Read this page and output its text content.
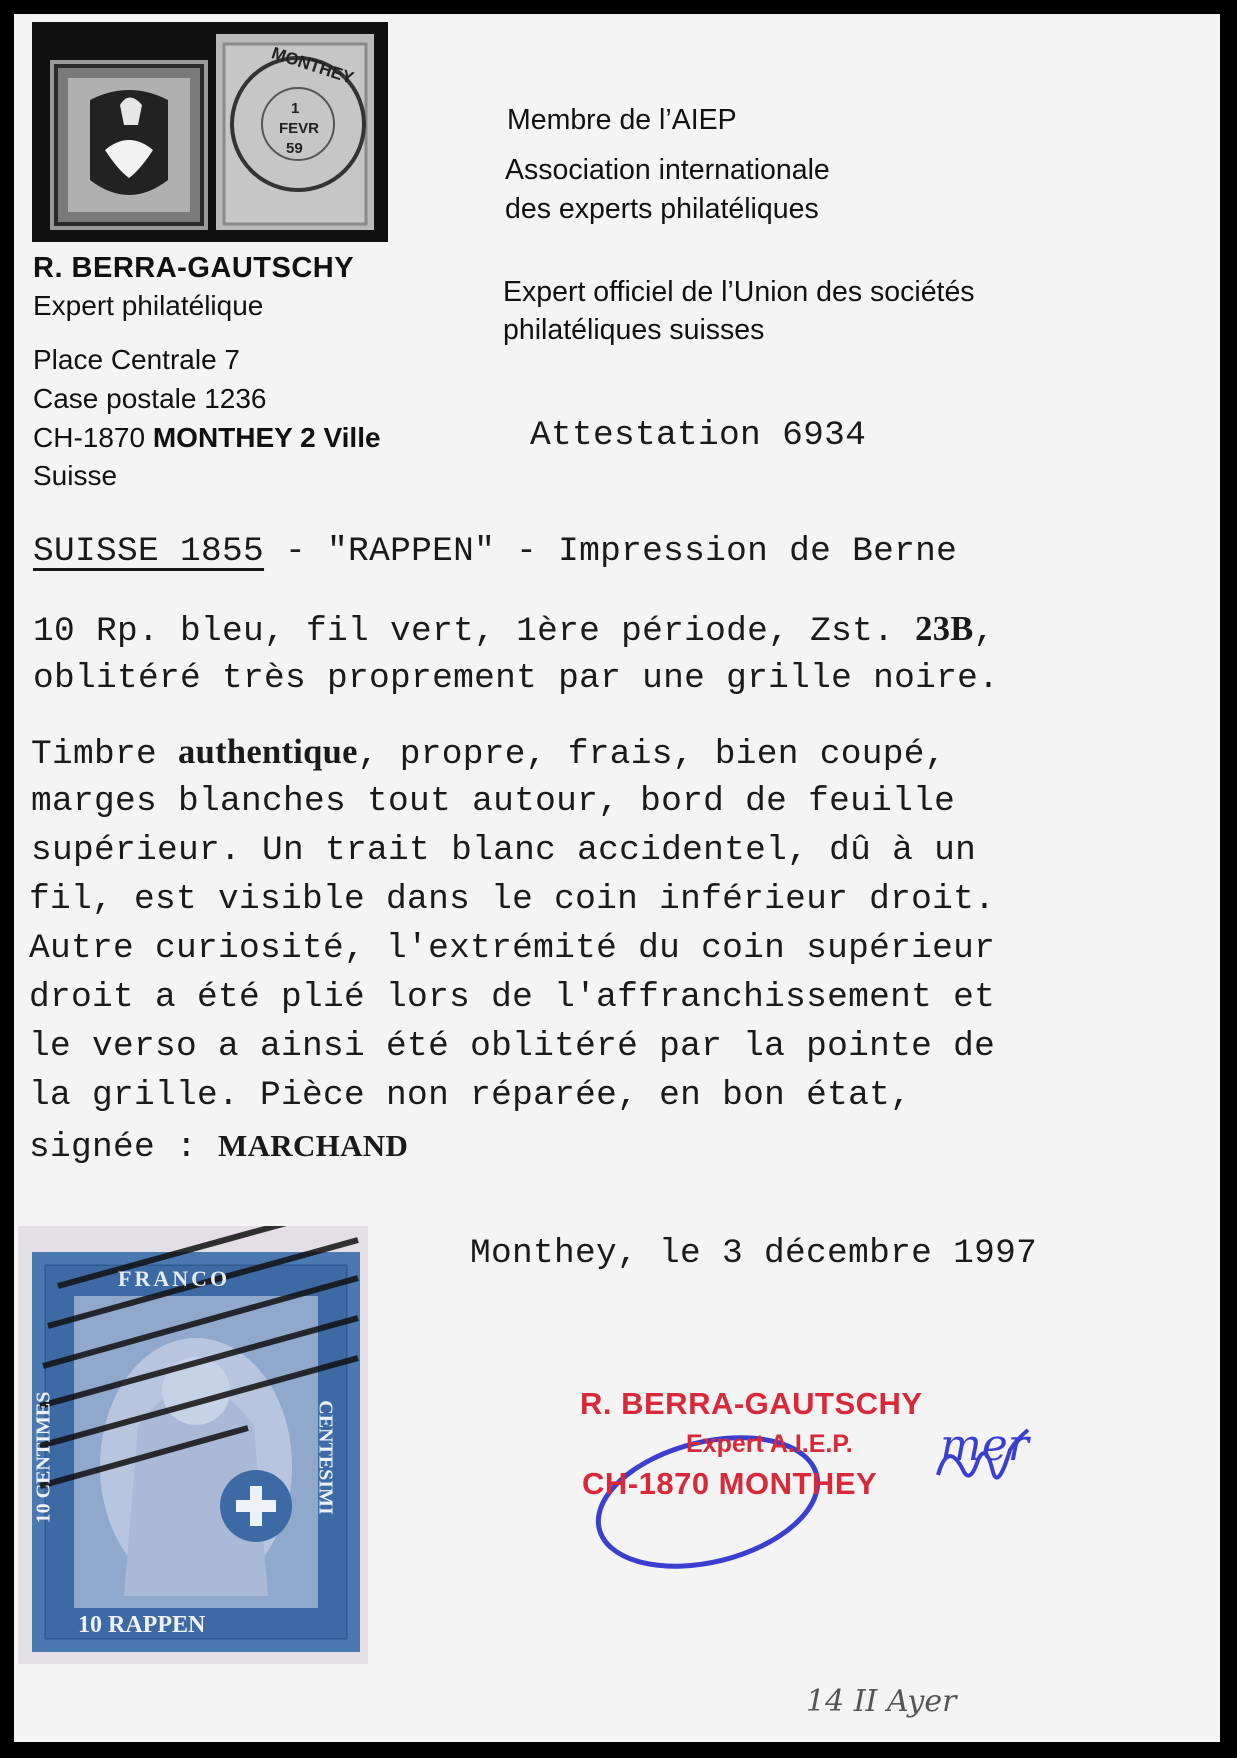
MONTHEY
1
FEVR
59
R. BERRA-GAUTSCHY
Expert philatélique
Place Centrale 7
Case postale 1236
CH-1870 MONTHEY 2 Ville
Suisse
Membre de l’AIEP
Association internationale
des experts philatéliques
Expert officiel de l’Union des sociétés
philatéliques suisses
Attestation 6934
SUISSE 1855 - "RAPPEN" - Impression de Berne
10 Rp. bleu, fil vert, 1ère période, Zst. 23B,
oblitéré très proprement par une grille noire.
Timbre authentique, propre, frais, bien coupé,
marges blanches tout autour, bord de feuille
supérieur. Un trait blanc accidentel, dû à un
fil, est visible dans le coin inférieur droit.
Autre curiosité, l'extrémité du coin supérieur
droit a été plié lors de l'affranchissement et
le verso a ainsi été oblitéré par la pointe de
la grille. Pièce non réparée, en bon état,
signée : MARCHAND
FRANCO
10 RAPPEN
10 CENTIMES	CENTESIMI
Monthey, le 3 décembre 1997
R. BERRA-GAUTSCHY
Expert A.I.E.P.
CH-1870 MONTHEY
mer
14 II Ayer
